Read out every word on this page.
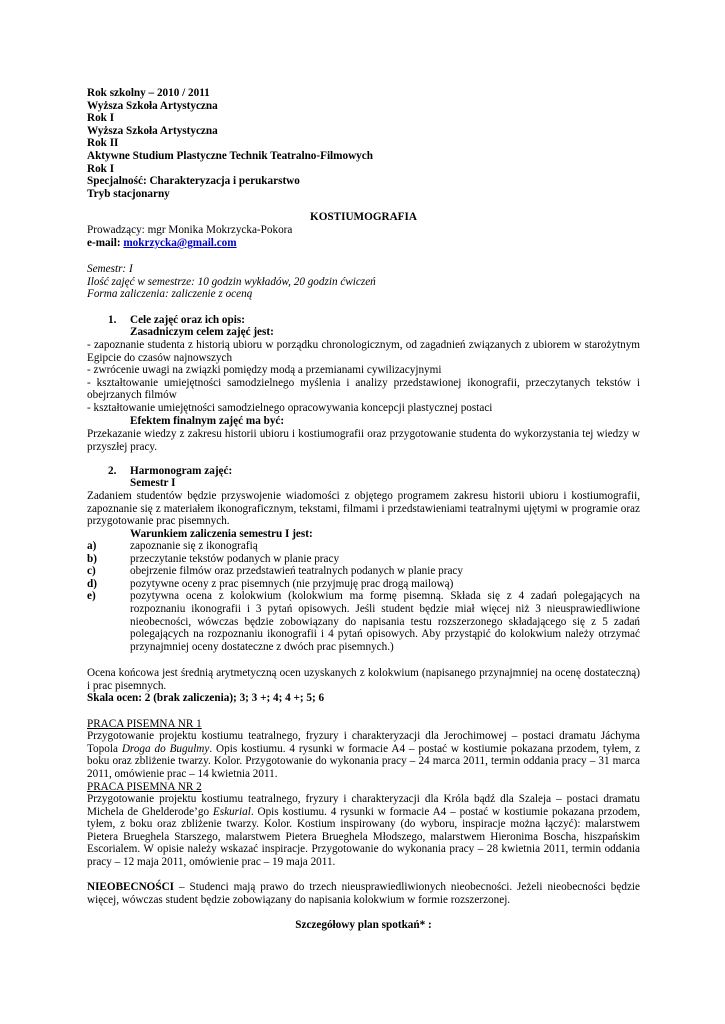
Rok szkolny – 2010 / 2011
Wyższa Szkoła Artystyczna
Rok I
Wyższa Szkoła Artystyczna
Rok II
Aktywne Studium Plastyczne Technik Teatralno-Filmowych
Rok I
Specjalność: Charakteryzacja i perukarstwo
Tryb stacjonarny
KOSTIUMOGRAFIA
Prowadzący: mgr Monika Mokrzycka-Pokora
e-mail: mokrzycka@gmail.com
Semestr: I
Ilość zajęć w semestrze: 10 godzin wykładów, 20 godzin ćwiczeń
Forma zaliczenia: zaliczenie z oceną
1. Cele zajęć oraz ich opis:
Zasadniczym celem zajęć jest:
- zapoznanie studenta z historią ubioru w porządku chronologicznym, od zagadnień związanych z ubiorem w starożytnym Egipcie do czasów najnowszych
- zwrócenie uwagi na związki pomiędzy modą a przemianami cywilizacyjnymi
- kształtowanie umiejętności samodzielnego myślenia i analizy przedstawionej ikonografii, przeczytanych tekstów i obejrzanych filmów
- kształtowanie umiejętności samodzielnego opracowywania koncepcji plastycznej postaci
Efektem finalnym zajęć ma być:
Przekazanie wiedzy z zakresu historii ubioru i kostiumografii oraz przygotowanie studenta do wykorzystania tej wiedzy w przyszłej pracy.
2. Harmonogram zajęć:
Semestr I
Zadaniem studentów będzie przyswojenie wiadomości z objętego programem zakresu historii ubioru i kostiumografii, zapoznanie się z materiałem ikonograficznym, tekstami, filmami i przedstawieniami teatralnymi ujętymi w programie oraz przygotowanie prac pisemnych.
Warunkiem zaliczenia semestru I jest:
a)	zapoznanie się z ikonografią
b)	przeczytanie tekstów podanych w planie pracy
c)	obejrzenie filmów oraz przedstawień teatralnych podanych w planie pracy
d)	pozytywne oceny z prac pisemnych (nie przyjmuję prac drogą mailową)
e)	pozytywna ocena z kolokwium (kolokwium ma formę pisemną. Składa się z 4 zadań polegających na rozpoznaniu ikonografii i 3 pytań opisowych. Jeśli student będzie miał więcej niż 3 nieusprawiedliwione nieobecności, wówczas będzie zobowiązany do napisania testu rozszerzonego składającego się z 5 zadań polegających na rozpoznaniu ikonografii i 4 pytań opisowych. Aby przystąpić do kolokwium należy otrzymać przynajmniej oceny dostateczne z dwóch prac pisemnych.)
Ocena końcowa jest średnią arytmetyczną ocen uzyskanych z kolokwium (napisanego przynajmniej na ocenę dostateczną) i prac pisemnych.
Skala ocen: 2 (brak zaliczenia); 3; 3 +; 4; 4 +; 5; 6
PRACA PISEMNA NR 1
Przygotowanie projektu kostiumu teatralnego, fryzury i charakteryzacji dla Jerochimowej – postaci dramatu Jáchyma Topola Droga do Bugulmy. Opis kostiumu. 4 rysunki w formacie A4 – postać w kostiumie pokazana przodem, tyłem, z boku oraz zbliżenie twarzy. Kolor. Przygotowanie do wykonania pracy – 24 marca 2011, termin oddania pracy – 31 marca 2011, omówienie prac – 14 kwietnia 2011.
PRACA PISEMNA NR 2
Przygotowanie projektu kostiumu teatralnego, fryzury i charakteryzacji dla Króla bądź dla Szaleja – postaci dramatu Michela de Ghelderode’go Eskurial. Opis kostiumu. 4 rysunki w formacie A4 – postać w kostiumie pokazana przodem, tyłem, z boku oraz zbliżenie twarzy. Kolor. Kostium inspirowany (do wyboru, inspiracje można łączyć): malarstwem Pietera Brueghela Starszego, malarstwem Pietera Brueghela Młodszego, malarstwem Hieronima Boscha, hiszpańskim Escorialem. W opisie należy wskazać inspiracje. Przygotowanie do wykonania pracy – 28 kwietnia 2011, termin oddania pracy – 12 maja 2011, omówienie prac – 19 maja 2011.
NIEOBECNOŚCI – Studenci mają prawo do trzech nieusprawiedliwionych nieobecności. Jeżeli nieobecności będzie więcej, wówczas student będzie zobowiązany do napisania kolokwium w formie rozszerzonej.
Szczegółowy plan spotkań* :
